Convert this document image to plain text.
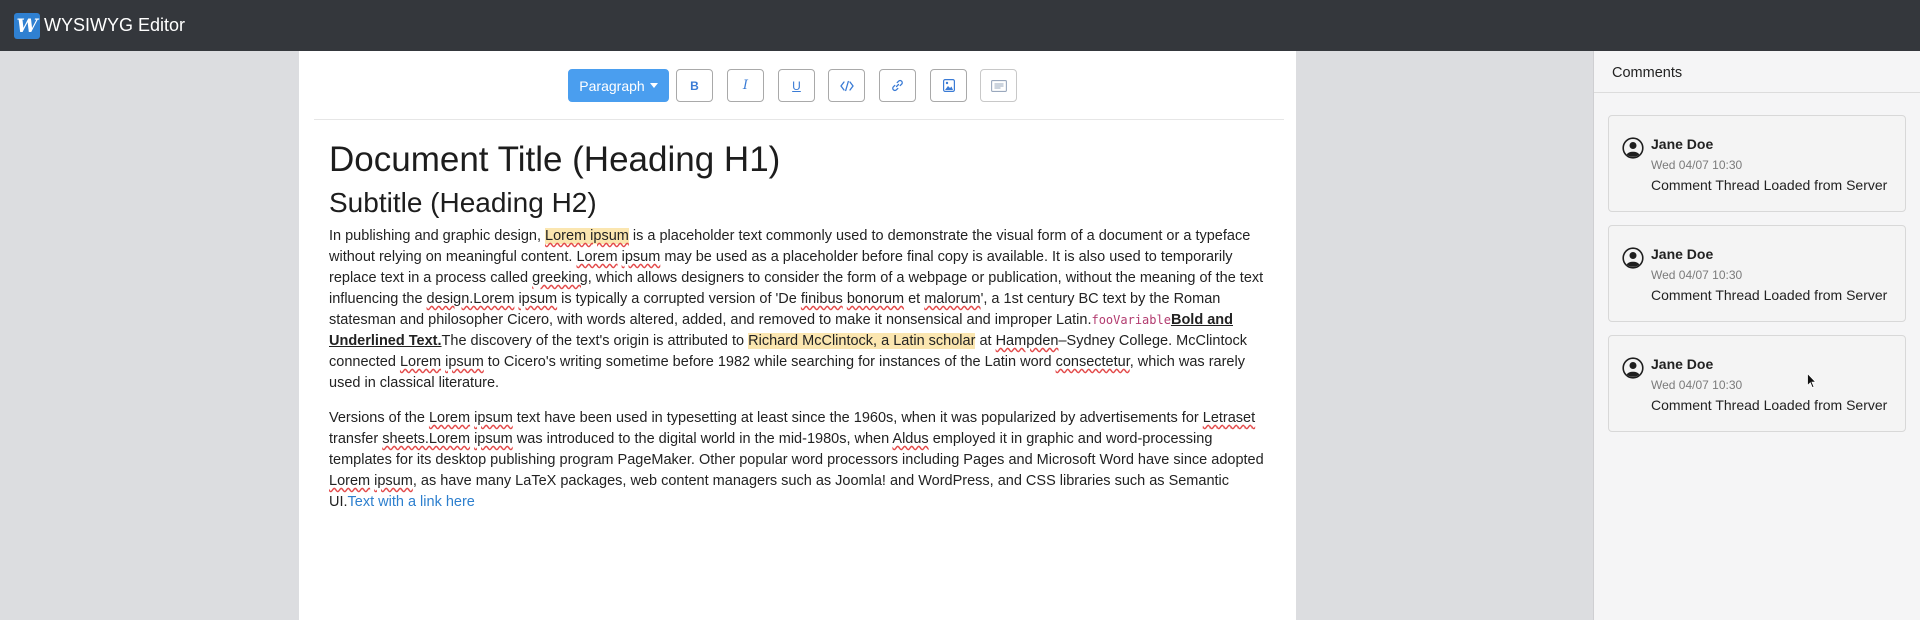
W WYSIWYG Editor
Paragraph	B	I	U
Document Title (Heading H1)
Subtitle (Heading H2)

In publishing and graphic design, Lorem ipsum is a placeholder text commonly used to demonstrate the visual form of a document or a typeface without relying on meaningful content. Lorem ipsum may be used as a placeholder before final copy is available. It is also used to temporarily replace text in a process called greeking, which allows designers to consider the form of a webpage or publication, without the meaning of the text influencing the design.Lorem ipsum is typically a corrupted version of 'De finibus bonorum et malorum', a 1st century BC text by the Roman statesman and philosopher Cicero, with words altered, added, and removed to make it nonsensical and improper Latin.fooVariableBold and Underlined Text.The discovery of the text's origin is attributed to Richard McClintock, a Latin scholar at Hampden–Sydney College. McClintock connected Lorem ipsum to Cicero's writing sometime before 1982 while searching for instances of the Latin word consectetur, which was rarely used in classical literature.

Versions of the Lorem ipsum text have been used in typesetting at least since the 1960s, when it was popularized by advertisements for Letraset transfer sheets.Lorem ipsum was introduced to the digital world in the mid-1980s, when Aldus employed it in graphic and word-processing templates for its desktop publishing program PageMaker. Other popular word processors including Pages and Microsoft Word have since adopted Lorem ipsum, as have many LaTeX packages, web content managers such as Joomla! and WordPress, and CSS libraries such as Semantic UI.Text with a link here

Comments
Jane Doe
Wed 04/07 10:30
Comment Thread Loaded from Server
Jane Doe
Wed 04/07 10:30
Comment Thread Loaded from Server
Jane Doe
Wed 04/07 10:30
Comment Thread Loaded from Server
